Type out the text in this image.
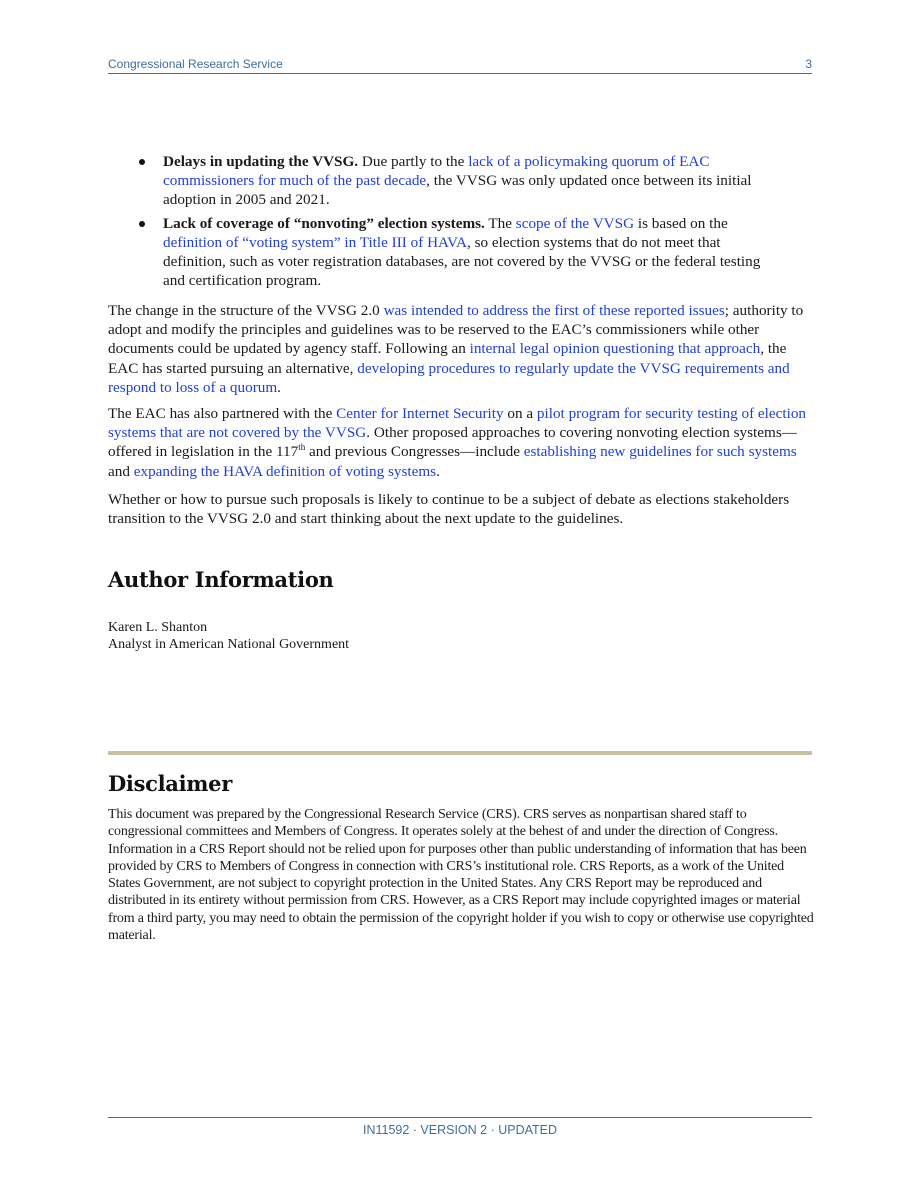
Congressional Research Service	3
Delays in updating the VVSG. Due partly to the lack of a policymaking quorum of EAC commissioners for much of the past decade, the VVSG was only updated once between its initial adoption in 2005 and 2021.
Lack of coverage of “nonvoting” election systems. The scope of the VVSG is based on the definition of “voting system” in Title III of HAVA, so election systems that do not meet that definition, such as voter registration databases, are not covered by the VVSG or the federal testing and certification program.

The change in the structure of the VVSG 2.0 was intended to address the first of these reported issues; authority to adopt and modify the principles and guidelines was to be reserved to the EAC’s commissioners while other documents could be updated by agency staff. Following an internal legal opinion questioning that approach, the EAC has started pursuing an alternative, developing procedures to regularly update the VVSG requirements and respond to loss of a quorum.

The EAC has also partnered with the Center for Internet Security on a pilot program for security testing of election systems that are not covered by the VVSG. Other proposed approaches to covering nonvoting election systems—offered in legislation in the 117th and previous Congresses—include establishing new guidelines for such systems and expanding the HAVA definition of voting systems.

Whether or how to pursue such proposals is likely to continue to be a subject of debate as elections stakeholders transition to the VVSG 2.0 and start thinking about the next update to the guidelines.

Author Information
Karen L. Shanton
Analyst in American National Government
Disclaimer

This document was prepared by the Congressional Research Service (CRS). CRS serves as nonpartisan shared staff to congressional committees and Members of Congress. It operates solely at the behest of and under the direction of Congress. Information in a CRS Report should not be relied upon for purposes other than public understanding of information that has been provided by CRS to Members of Congress in connection with CRS’s institutional role. CRS Reports, as a work of the United States Government, are not subject to copyright protection in the United States. Any CRS Report may be reproduced and distributed in its entirety without permission from CRS. However, as a CRS Report may include copyrighted images or material from a third party, you may need to obtain the permission of the copyright holder if you wish to copy or otherwise use copyrighted material.

IN11592 · VERSION 2 · UPDATED
